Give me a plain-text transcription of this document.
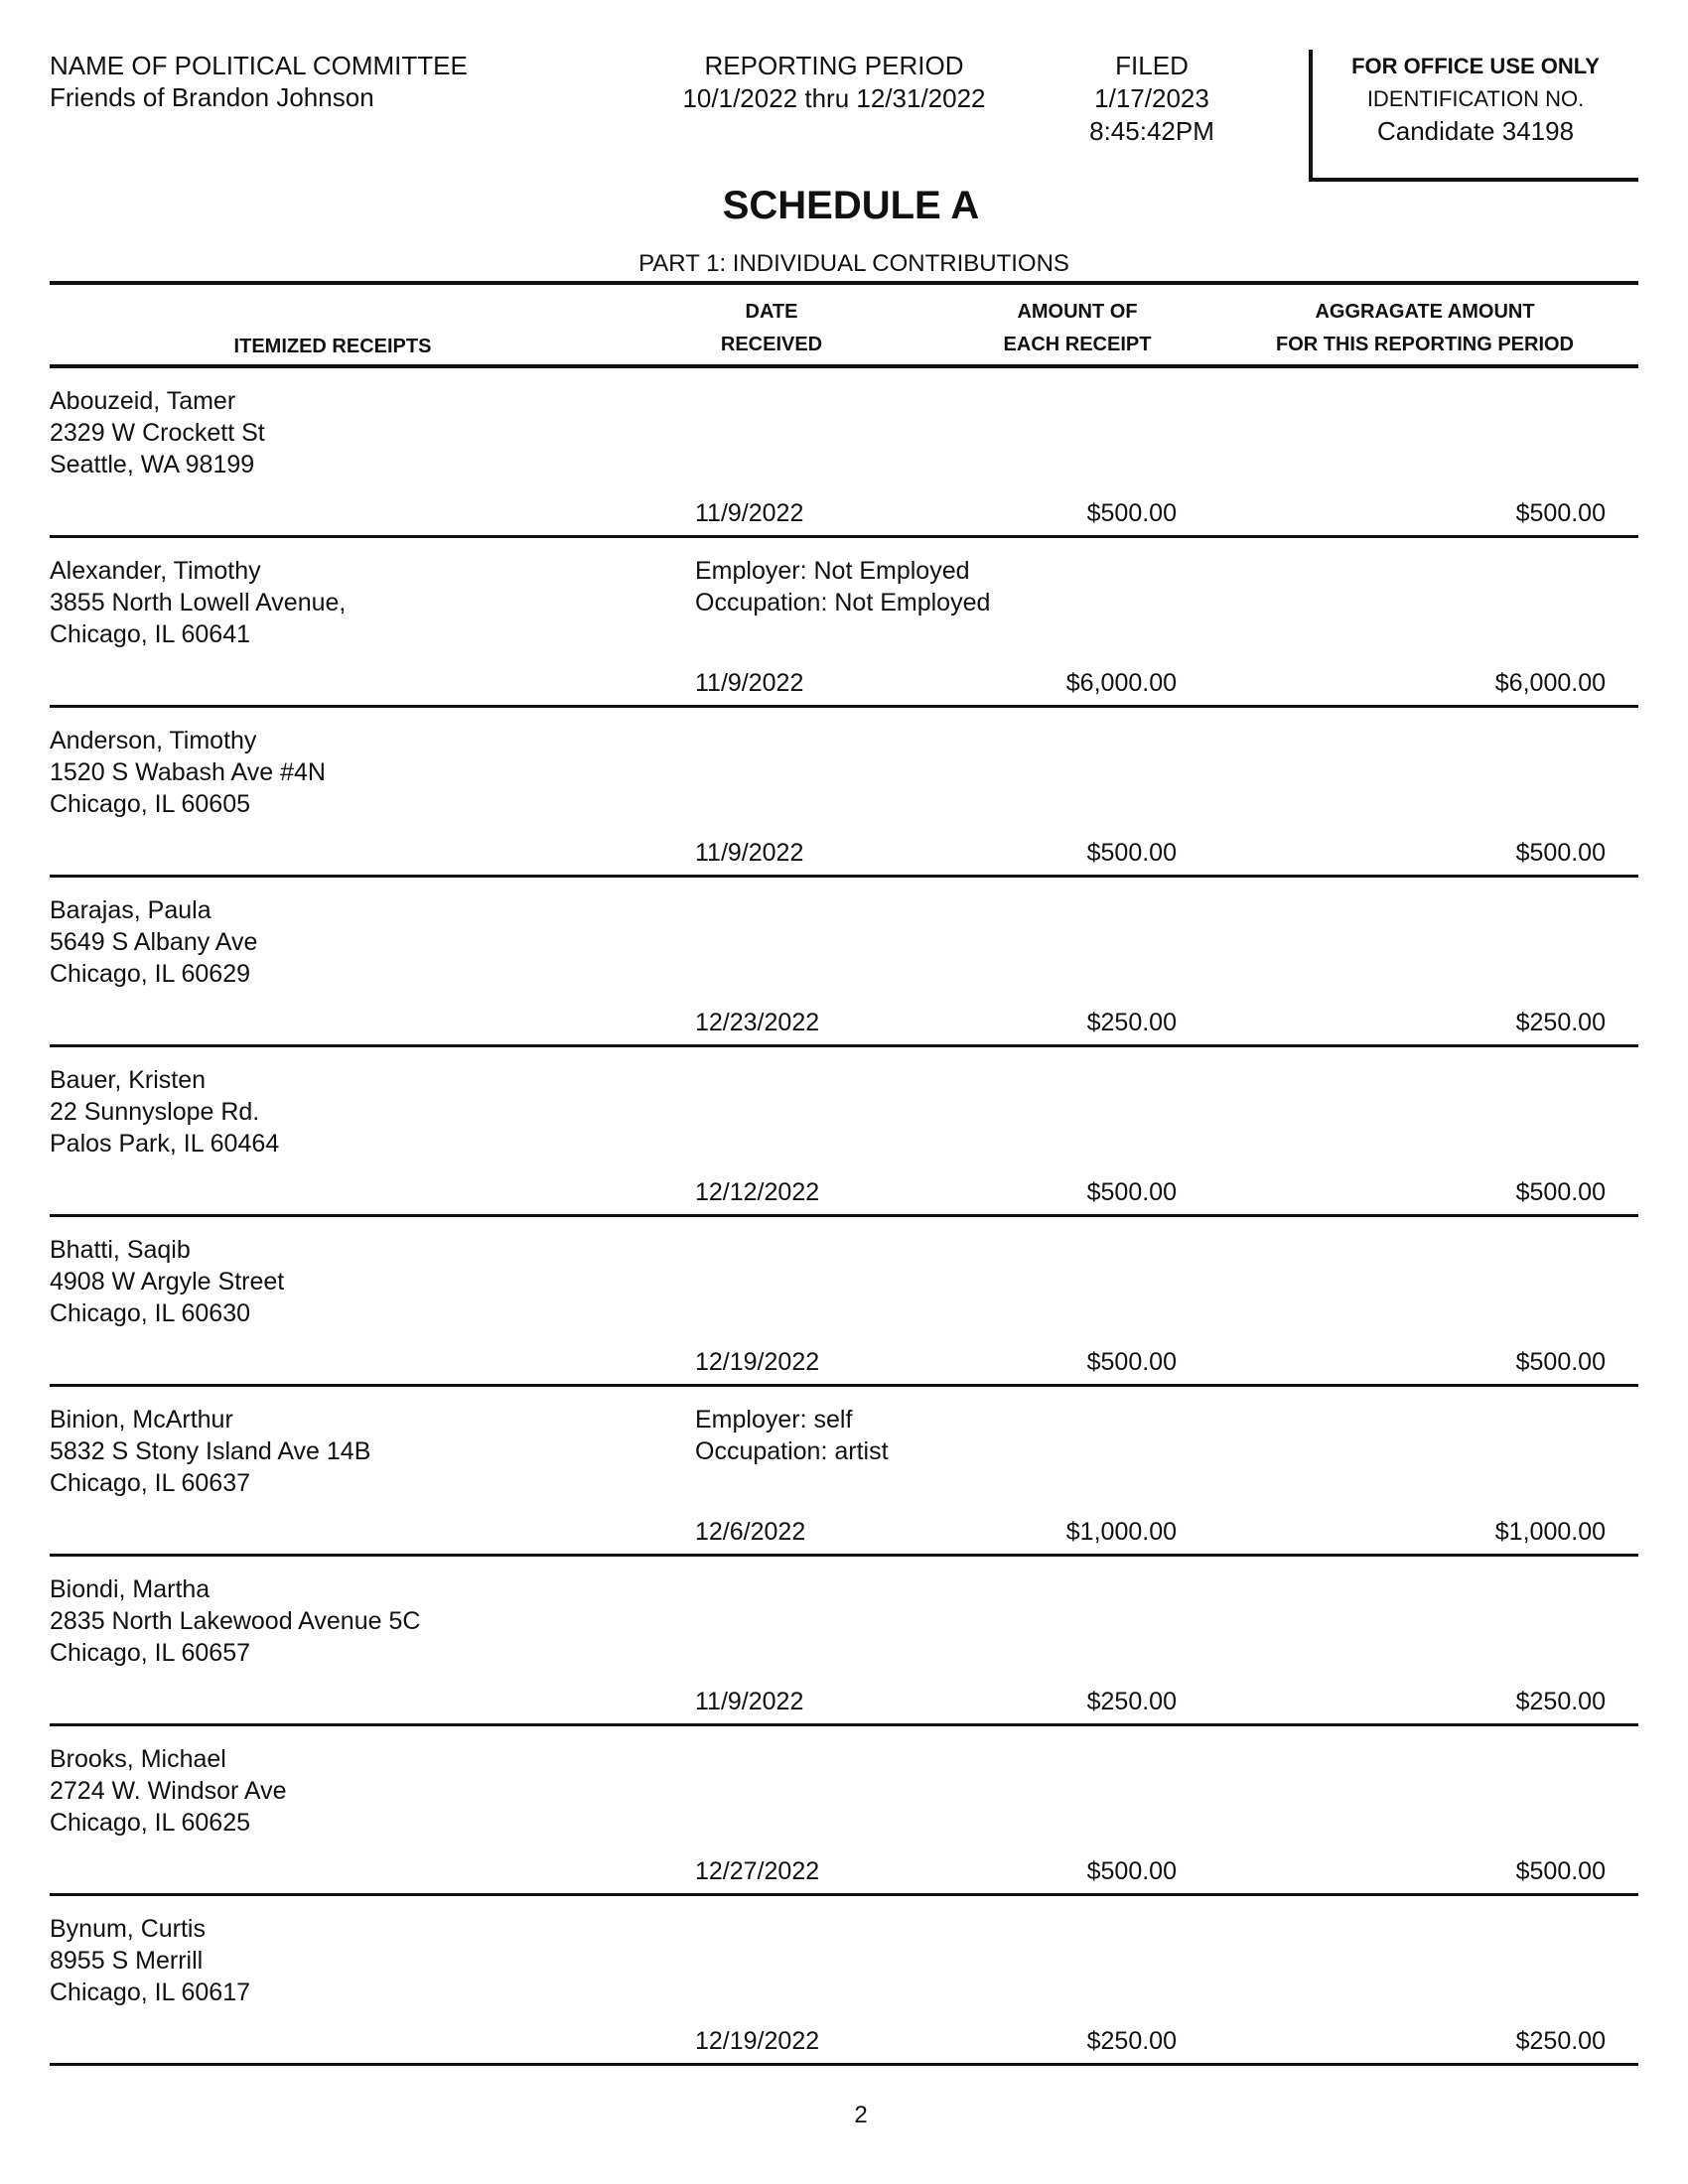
NAME OF POLITICAL COMMITTEE
Friends of Brandon Johnson
REPORTING PERIOD
10/1/2022 thru 12/31/2022
FILED
1/17/2023
8:45:42PM
FOR OFFICE USE ONLY
IDENTIFICATION NO.
Candidate 34198
SCHEDULE A
PART 1: INDIVIDUAL CONTRIBUTIONS
ITEMIZED RECEIPTS
DATE
RECEIVED
AMOUNT OF
EACH RECEIPT
AGGRAGATE AMOUNT
FOR THIS REPORTING PERIOD
Abouzeid, Tamer
2329 W Crockett St
Seattle, WA 98199
11/9/2022	$500.00	$500.00
Alexander, Timothy
3855 North Lowell Avenue,
Chicago, IL 60641
Employer: Not Employed
Occupation: Not Employed
11/9/2022	$6,000.00	$6,000.00
Anderson, Timothy
1520 S Wabash Ave #4N
Chicago, IL 60605
11/9/2022	$500.00	$500.00
Barajas, Paula
5649 S Albany Ave
Chicago, IL 60629
12/23/2022	$250.00	$250.00
Bauer, Kristen
22 Sunnyslope Rd.
Palos Park, IL 60464
12/12/2022	$500.00	$500.00
Bhatti, Saqib
4908 W Argyle Street
Chicago, IL 60630
12/19/2022	$500.00	$500.00
Binion, McArthur
5832 S Stony Island Ave 14B
Chicago, IL 60637
Employer: self
Occupation: artist
12/6/2022	$1,000.00	$1,000.00
Biondi, Martha
2835 North Lakewood Avenue 5C
Chicago, IL 60657
11/9/2022	$250.00	$250.00
Brooks, Michael
2724 W. Windsor Ave
Chicago, IL 60625
12/27/2022	$500.00	$500.00
Bynum, Curtis
8955 S Merrill
Chicago, IL 60617
12/19/2022	$250.00	$250.00
2
